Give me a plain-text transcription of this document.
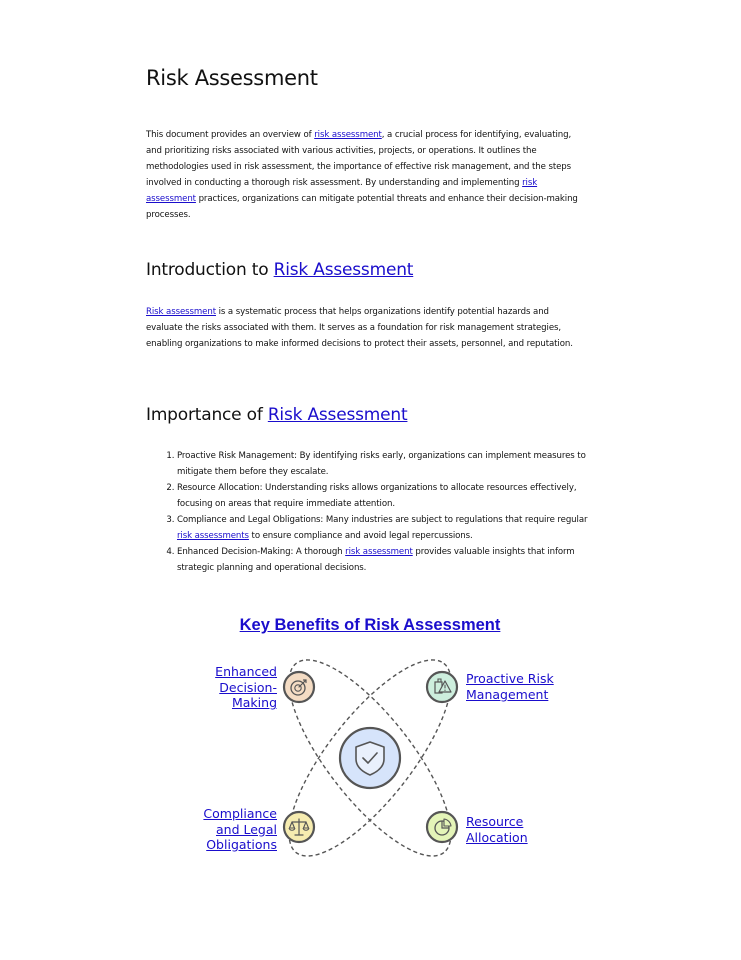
Risk Assessment

This document provides an overview of risk assessment, a crucial process for identifying, evaluating, and prioritizing risks associated with various activities, projects, or operations. It outlines the methodologies used in risk assessment, the importance of effective risk management, and the steps involved in conducting a thorough risk assessment. By understanding and implementing risk assessment practices, organizations can mitigate potential threats and enhance their decision-making processes.

Introduction to Risk Assessment

Risk assessment is a systematic process that helps organizations identify potential hazards and evaluate the risks associated with them. It serves as a foundation for risk management strategies, enabling organizations to make informed decisions to protect their assets, personnel, and reputation.

Importance of Risk Assessment
1. Proactive Risk Management: By identifying risks early, organizations can implement measures to mitigate them before they escalate.
2. Resource Allocation: Understanding risks allows organizations to allocate resources effectively, focusing on areas that require immediate attention.
3. Compliance and Legal Obligations: Many industries are subject to regulations that require regular risk assessments to ensure compliance and avoid legal repercussions.
4. Enhanced Decision-Making: A thorough risk assessment provides valuable insights that inform strategic planning and operational decisions.
Key Benefits of Risk Assessment
Enhanced
Decision-
Making
Proactive Risk
Management
Compliance
and Legal
Obligations
Resource
Allocation
